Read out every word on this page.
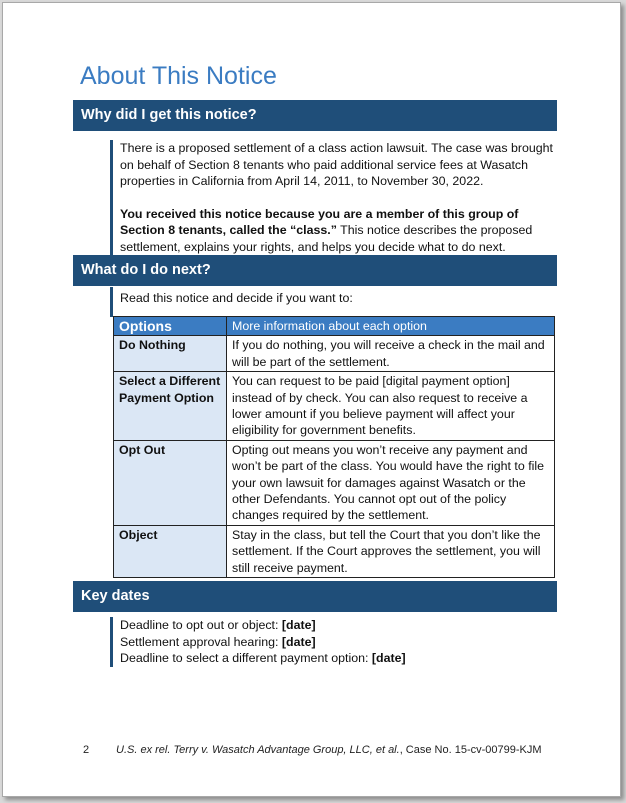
About This Notice
Why did I get this notice?

There is a proposed settlement of a class action lawsuit. The case was brought on behalf of Section 8 tenants who paid additional service fees at Wasatch properties in California from April 14, 2011, to November 30, 2022.

You received this notice because you are a member of this group of Section 8 tenants, called the “class.” This notice describes the proposed settlement, explains your rights, and helps you decide what to do next.

What do I do next?

Read this notice and decide if you want to:

Options	More information about each option
Do Nothing	If you do nothing, you will receive a check in the mail and will be part of the settlement.
Select a Different Payment Option	You can request to be paid [digital payment option] instead of by check. You can also request to receive a lower amount if you believe payment will affect your eligibility for government benefits.
Opt Out	Opting out means you won’t receive any payment and won’t be part of the class. You would have the right to file your own lawsuit for damages against Wasatch or the other Defendants. You cannot opt out of the policy changes required by the settlement.
Object	Stay in the class, but tell the Court that you don’t like the settlement. If the Court approves the settlement, you will still receive payment.
Key dates

Deadline to opt out or object: [date]

Settlement approval hearing: [date]

Deadline to select a different payment option: [date]

2 U.S. ex rel. Terry v. Wasatch Advantage Group, LLC, et al., Case No. 15-cv-00799-KJM
